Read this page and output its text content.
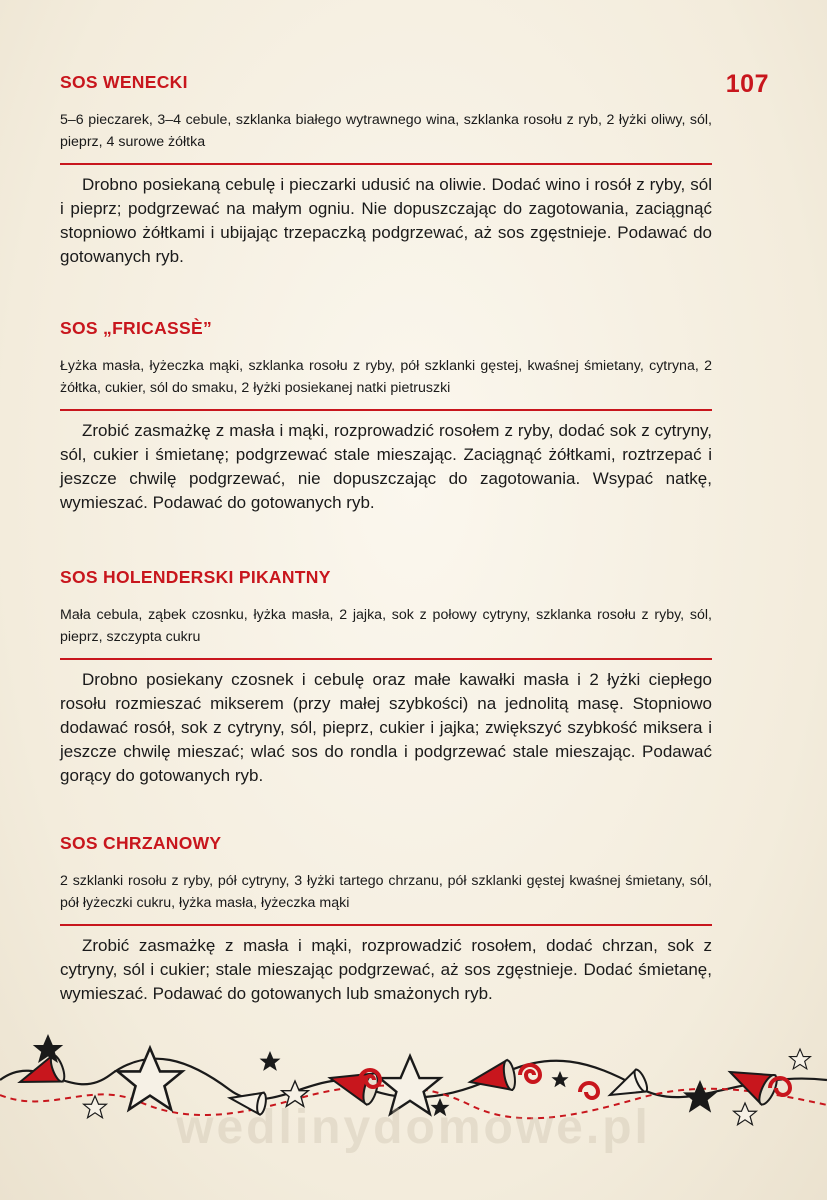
107
SOS WENECKI

5–6 pieczarek, 3–4 cebule, szklanka białego wytrawnego wina, szklanka rosołu z ryb, 2 łyżki oliwy, sól, pieprz, 4 surowe żółtka

Drobno posiekaną cebulę i pieczarki udusić na oliwie. Dodać wino i rosół z ryby, sól i pieprz; podgrzewać na małym ogniu. Nie dopuszczając do zagotowania, zaciągnąć stopniowo żółtkami i ubijając trzepaczką podgrzewać, aż sos zgęstnieje. Podawać do gotowanych ryb.

SOS „FRICASSÈ”

Łyżka masła, łyżeczka mąki, szklanka rosołu z ryby, pół szklanki gęstej, kwaśnej śmietany, cytryna, 2 żółtka, cukier, sól do smaku, 2 łyżki posiekanej natki pietruszki

Zrobić zasmażkę z masła i mąki, rozprowadzić rosołem z ryby, dodać sok z cytryny, sól, cukier i śmietanę; podgrzewać stale mieszając. Zaciągnąć żółtkami, roztrzepać i jeszcze chwilę podgrzewać, nie dopuszczając do zagotowania. Wsypać natkę, wymieszać. Podawać do gotowanych ryb.

SOS HOLENDERSKI PIKANTNY

Mała cebula, ząbek czosnku, łyżka masła, 2 jajka, sok z połowy cytryny, szklanka rosołu z ryby, sól, pieprz, szczypta cukru

Drobno posiekany czosnek i cebulę oraz małe kawałki masła i 2 łyżki ciepłego rosołu rozmieszać mikserem (przy małej szybkości) na jednolitą masę. Stopniowo dodawać rosół, sok z cytryny, sól, pieprz, cukier i jajka; zwiększyć szybkość miksera i jeszcze chwilę mieszać; wlać sos do rondla i podgrzewać stale mieszając. Podawać gorący do gotowanych ryb.

SOS CHRZANOWY

2 szklanki rosołu z ryby, pół cytryny, 3 łyżki tartego chrzanu, pół szklanki gęstej kwaśnej śmietany, sól, pół łyżeczki cukru, łyżka masła, łyżeczka mąki

Zrobić zasmażkę z masła i mąki, rozprowadzić rosołem, dodać chrzan, sok z cytryny, sól i cukier; stale mieszając podgrzewać, aż sos zgęstnieje. Dodać śmietanę, wymieszać. Podawać do gotowanych lub smażonych ryb.

wedlinydomowe.pl
